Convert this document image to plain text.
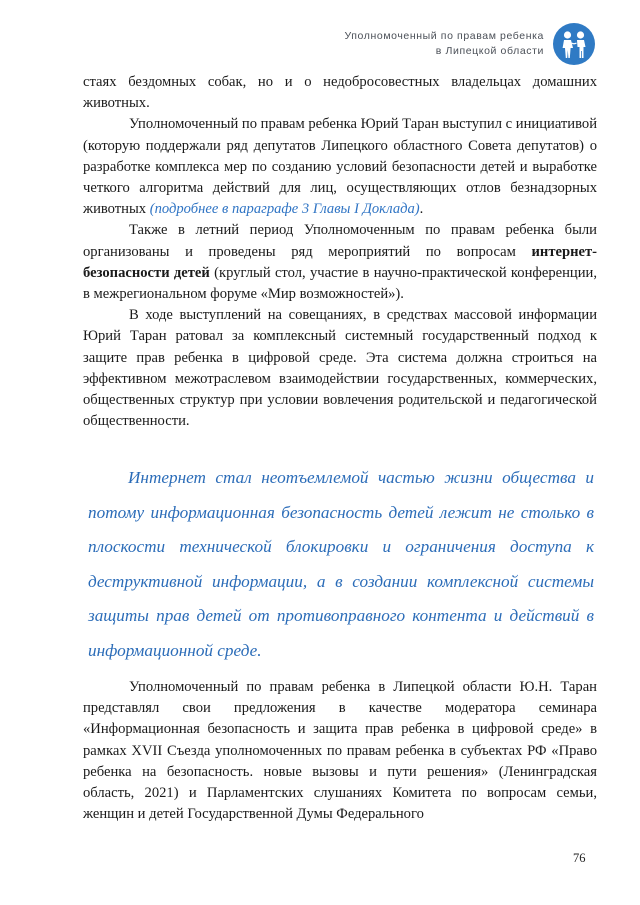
Уполномоченный по правам ребенка
в Липецкой области

стаях бездомных собак, но и о недобросовестных владельцах домашних животных.

Уполномоченный по правам ребенка Юрий Таран выступил с инициативой (которую поддержали ряд депутатов Липецкого областного Совета депутатов) о разработке комплекса мер по созданию условий безопасности детей и выработке четкого алгоритма действий для лиц, осуществляющих отлов безнадзорных животных (подробнее в параграфе 3 Главы I Доклада).

Также в летний период Уполномоченным по правам ребенка были организованы и проведены ряд мероприятий по вопросам интернет-безопасности детей (круглый стол, участие в научно-практической конференции, в межрегиональном форуме «Мир возможностей»).

В ходе выступлений на совещаниях, в средствах массовой информации Юрий Таран ратовал за комплексный системный государственный подход к защите прав ребенка в цифровой среде. Эта система должна строиться на эффективном межотраслевом взаимодействии государственных, коммерческих, общественных структур при условии вовлечения родительской и педагогической общественности.

Интернет стал неотъемлемой частью жизни общества и потому информационная безопасность детей лежит не столько в плоскости технической блокировки и ограничения доступа к деструктивной информации, а в создании комплексной системы защиты прав детей от противоправного контента и действий в информационной среде.

Уполномоченный по правам ребенка в Липецкой области Ю.Н. Таран представлял свои предложения в качестве модератора семинара «Информационная безопасность и защита прав ребенка в цифровой среде» в рамках XVII Съезда уполномоченных по правам ребенка в субъектах РФ «Право ребенка на безопасность. новые вызовы и пути решения» (Ленинградская область, 2021) и Парламентских слушаниях Комитета по вопросам семьи, женщин и детей Государственной Думы Федерального

76
